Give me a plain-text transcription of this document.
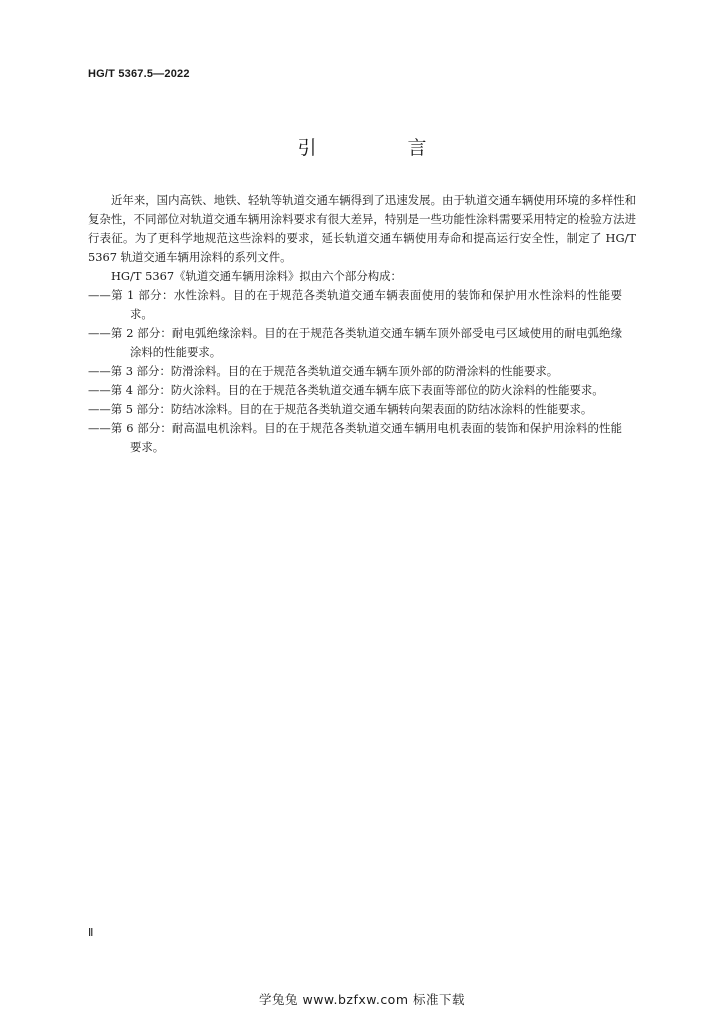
HG/T 5367.5—2022
引　言

近年来，国内高铁、地铁、轻轨等轨道交通车辆得到了迅速发展。由于轨道交通车辆使用环境的多样性和复杂性，不同部位对轨道交通车辆用涂料要求有很大差异，特别是一些功能性涂料需要采用特定的检验方法进行表征。为了更科学地规范这些涂料的要求，延长轨道交通车辆使用寿命和提高运行安全性，制定了 HG/T 5367 轨道交通车辆用涂料的系列文件。

HG/T 5367《轨道交通车辆用涂料》拟由六个部分构成：

——第 1 部分：水性涂料。目的在于规范各类轨道交通车辆表面使用的装饰和保护用水性涂料的性能要求。
——第 2 部分：耐电弧绝缘涂料。目的在于规范各类轨道交通车辆车顶外部受电弓区域使用的耐电弧绝缘涂料的性能要求。
——第 3 部分：防滑涂料。目的在于规范各类轨道交通车辆车顶外部的防滑涂料的性能要求。
——第 4 部分：防火涂料。目的在于规范各类轨道交通车辆车底下表面等部位的防火涂料的性能要求。
——第 5 部分：防结冰涂料。目的在于规范各类轨道交通车辆转向架表面的防结冰涂料的性能要求。
——第 6 部分：耐高温电机涂料。目的在于规范各类轨道交通车辆用电机表面的装饰和保护用涂料的性能要求。
Ⅱ
学兔兔 www.bzfxw.com 标准下载
